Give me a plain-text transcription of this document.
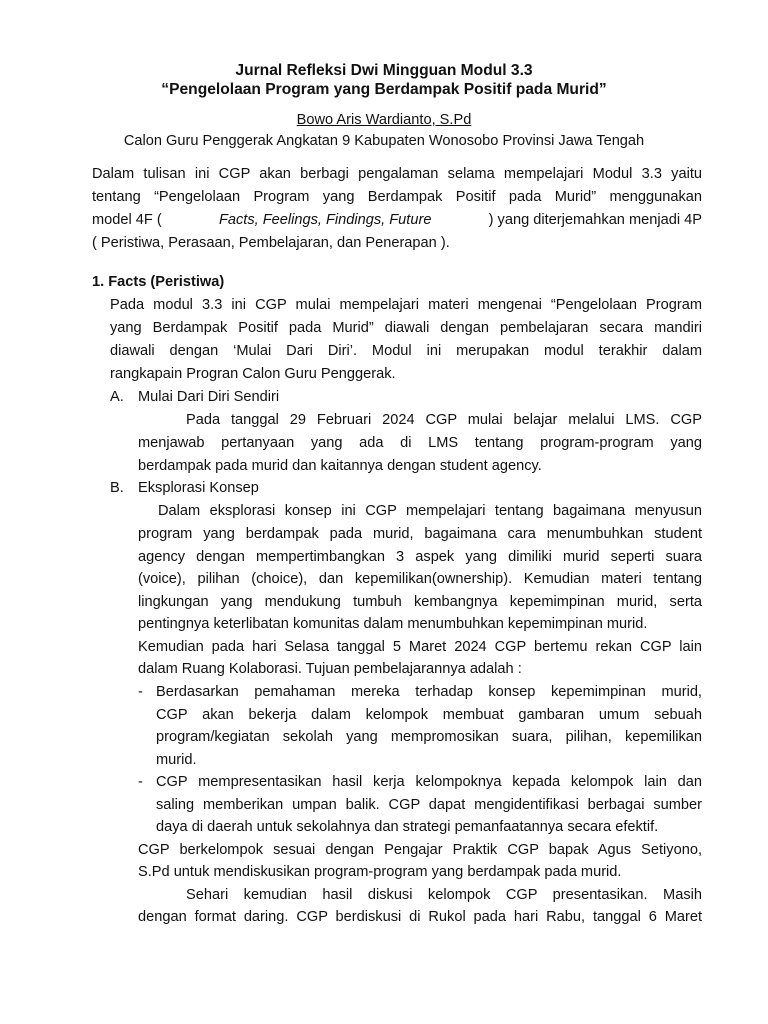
Jurnal Refleksi Dwi Mingguan Modul 3.3
“Pengelolaan Program yang Berdampak Positif pada Murid”
Bowo Aris Wardianto, S.Pd
Calon Guru Penggerak Angkatan 9 Kabupaten Wonosobo Provinsi Jawa Tengah
Dalam tulisan ini CGP akan berbagi pengalaman selama mempelajari Modul 3.3 yaitu
tentang “Pengelolaan Program yang Berdampak Positif pada Murid” menggunakan
model 4F (	Facts, Feelings, Findings, Future	) yang diterjemahkan menjadi 4P
( Peristiwa, Perasaan, Pembelajaran, dan Penerapan ).
1. Facts (Peristiwa)
Pada modul 3.3 ini CGP mulai mempelajari materi mengenai “Pengelolaan Program
yang Berdampak Positif pada Murid” diawali dengan pembelajaran secara mandiri
diawali dengan ‘Mulai Dari Diri’. Modul ini merupakan modul terakhir dalam
rangkapain Progran Calon Guru Penggerak.
A. Mulai Dari Diri Sendiri
Pada tanggal 29 Februari 2024 CGP mulai belajar melalui LMS. CGP
menjawab pertanyaan yang ada di LMS tentang program-program yang
berdampak pada murid dan kaitannya dengan student agency.
B. Eksplorasi Konsep
Dalam eksplorasi konsep ini CGP mempelajari tentang bagaimana menyusun
program yang berdampak pada murid, bagaimana cara menumbuhkan student
agency dengan mempertimbangkan 3 aspek yang dimiliki murid seperti suara
(voice), pilihan (choice), dan kepemilikan(ownership). Kemudian materi tentang
lingkungan yang mendukung tumbuh kembangnya kepemimpinan murid, serta
pentingnya keterlibatan komunitas dalam menumbuhkan kepemimpinan murid.
Kemudian pada hari Selasa tanggal 5 Maret 2024 CGP bertemu rekan CGP lain
dalam Ruang Kolaborasi. Tujuan pembelajarannya adalah :
- Berdasarkan pemahaman mereka terhadap konsep kepemimpinan murid,
CGP akan bekerja dalam kelompok membuat gambaran umum sebuah
program/kegiatan sekolah yang mempromosikan suara, pilihan, kepemilikan
murid.
- CGP mempresentasikan hasil kerja kelompoknya kepada kelompok lain dan
saling memberikan umpan balik. CGP dapat mengidentifikasi berbagai sumber
daya di daerah untuk sekolahnya dan strategi pemanfaatannya secara efektif.
CGP berkelompok sesuai dengan Pengajar Praktik CGP bapak Agus Setiyono,
S.Pd untuk mendiskusikan program-program yang berdampak pada murid.
Sehari kemudian hasil diskusi kelompok CGP presentasikan. Masih
dengan format daring. CGP berdiskusi di Rukol pada hari Rabu, tanggal 6 Maret
